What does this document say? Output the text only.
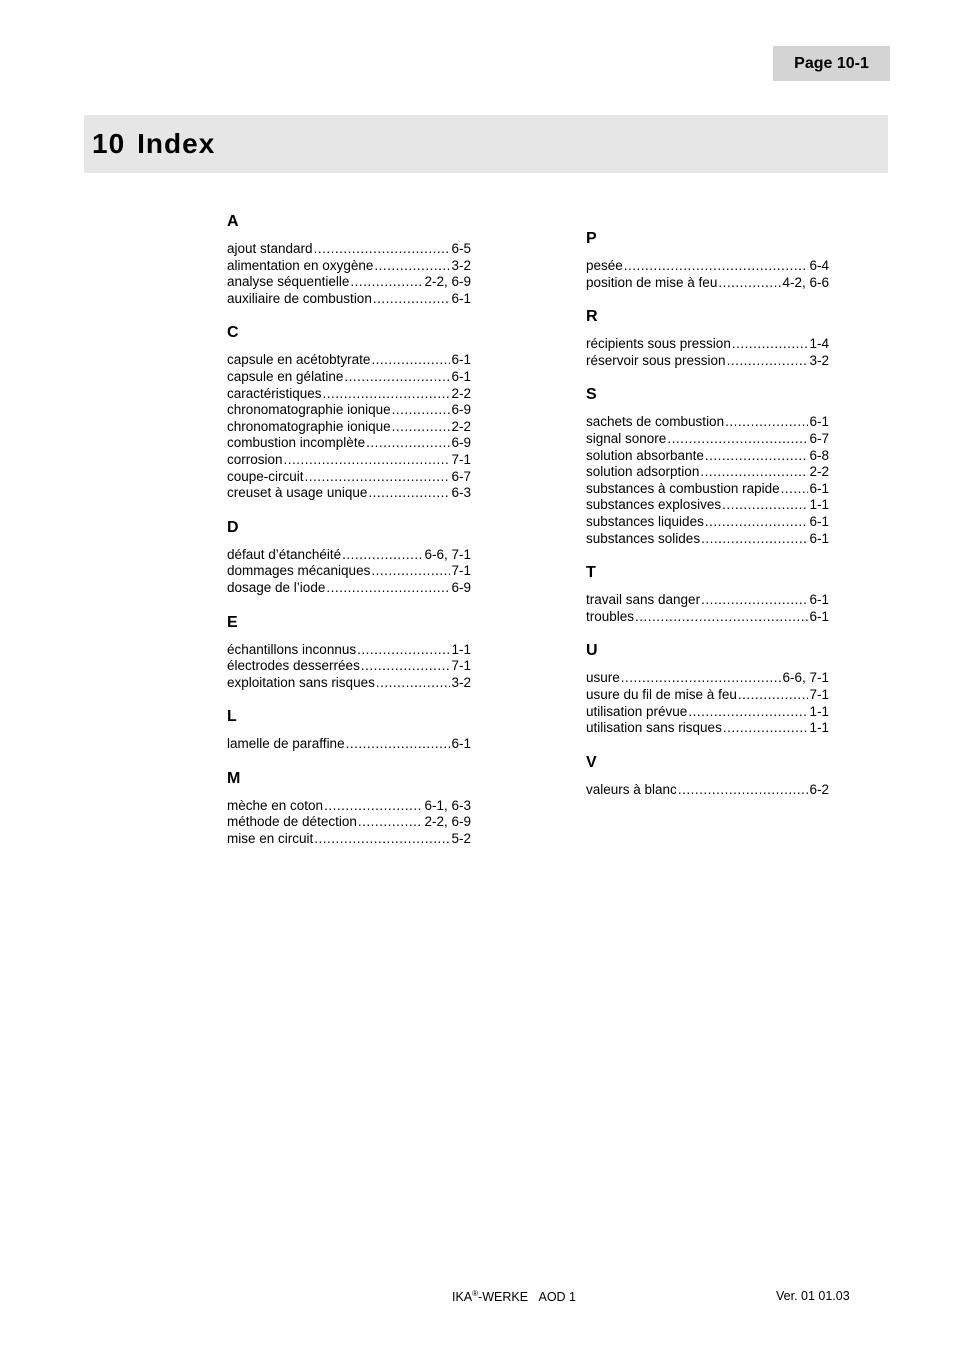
Page 10-1
10 Index
A
ajout standard .....	6-5
alimentation en oxygène .....	3-2
analyse séquentielle .....	2-2, 6-9
auxiliaire de combustion .....	6-1
C
capsule en acétobtyrate .....	6-1
capsule en gélatine .....	6-1
caractéristiques .....	2-2
chronomatographie ionique .....	6-9
chronomatographie ionique .....	2-2
combustion incomplète .....	6-9
corrosion .....	7-1
coupe-circuit .....	6-7
creuset à usage unique .....	6-3
D
défaut d’étanchéité .....	6-6, 7-1
dommages mécaniques .....	7-1
dosage de l’iode .....	6-9
E
échantillons inconnus .....	1-1
électrodes desserrées .....	7-1
exploitation sans risques .....	3-2
L
lamelle de paraffine .....	6-1
M
mèche en coton .....	6-1, 6-3
méthode de détection .....	2-2, 6-9
mise en circuit .....	5-2
P
pesée .....	6-4
position de mise à feu .....	4-2, 6-6
R
récipients sous pression .....	1-4
réservoir sous pression .....	3-2
S
sachets de combustion .....	6-1
signal sonore .....	6-7
solution absorbante .....	6-8
solution adsorption .....	2-2
substances à combustion rapide ..... 6-1
substances explosives .....	1-1
substances liquides .....	6-1
substances solides .....	6-1
T
travail sans danger .....	6-1
troubles .....	6-1
U
usure .....	6-6, 7-1
usure du fil de mise à feu .....	7-1
utilisation prévue .....	1-1
utilisation sans risques .....	1-1
V
valeurs à blanc .....	6-2
IKA®-WERKE AOD 1	Ver. 01 01.03
